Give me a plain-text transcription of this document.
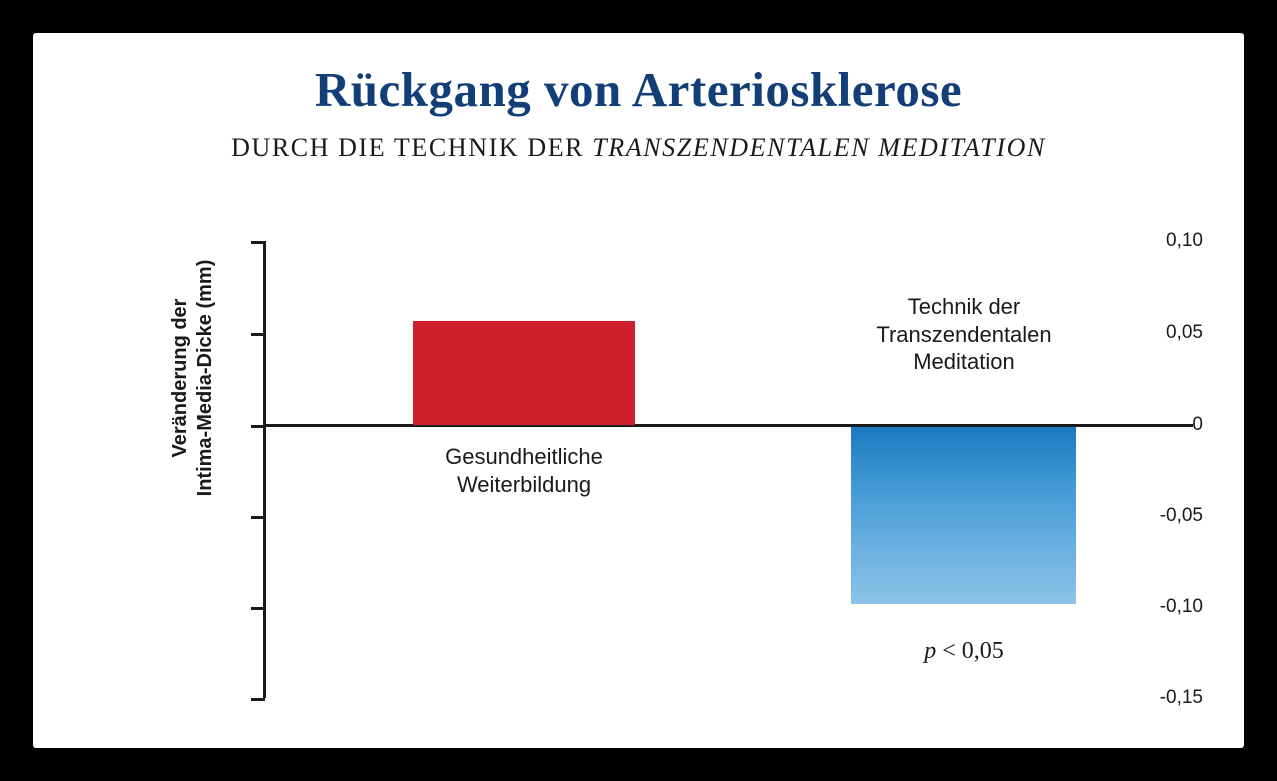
Rückgang von Arteriosklerose
DURCH DIE TECHNIK DER TRANSZENDENTALEN MEDITATION
Veränderung der Intima-Media-Dicke (mm)
0,10
0,05
0
-0,05
-0,10
-0,15
Gesundheitliche
Weiterbildung
Technik der
Transzendentalen
Meditation
p < 0,05
